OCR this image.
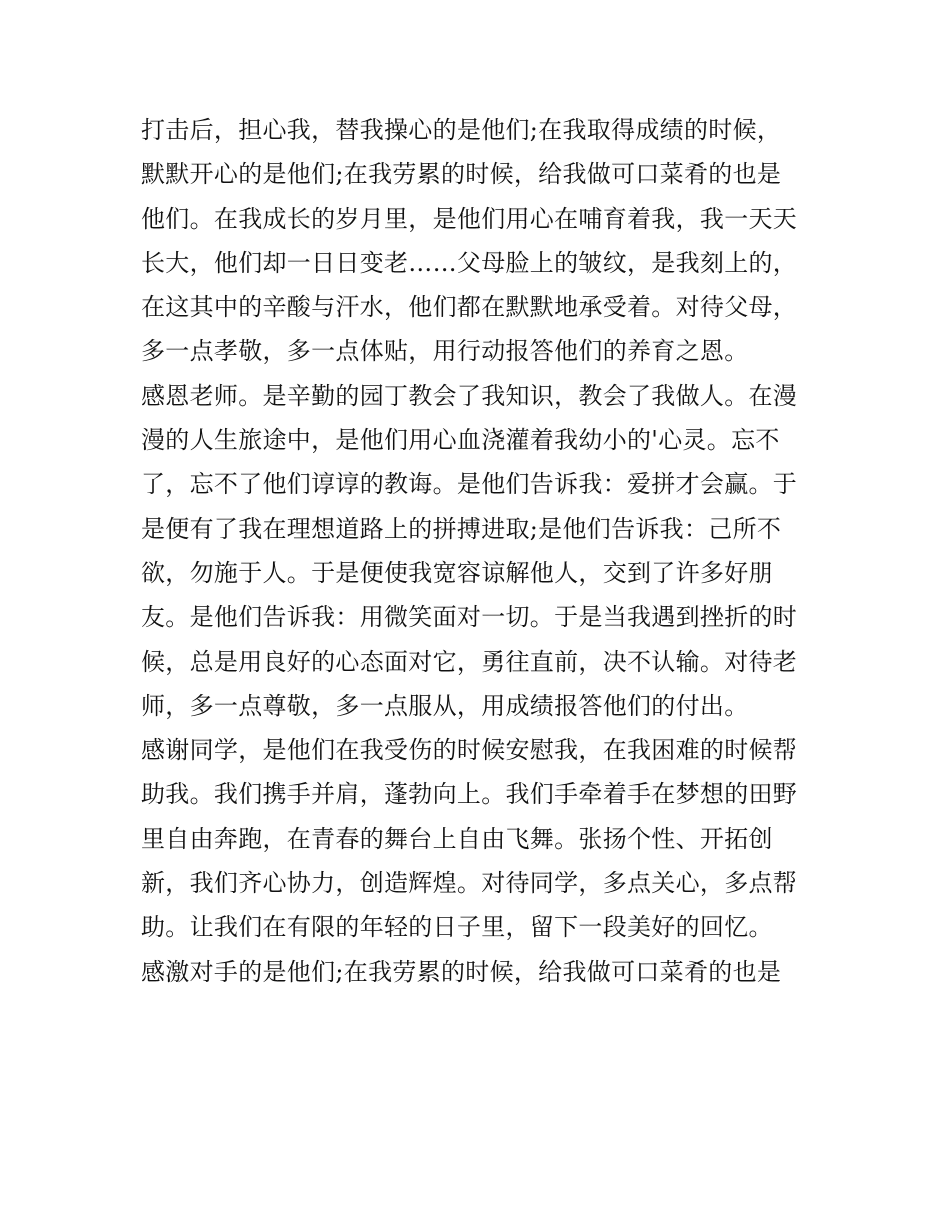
打击后，担心我，替我操心的是他们;在我取得成绩的时候，
默默开心的是他们;在我劳累的时候，给我做可口菜肴的也是
他们。在我成长的岁月里，是他们用心在哺育着我，我一天天
长大，他们却一日日变老……父母脸上的皱纹，是我刻上的，
在这其中的辛酸与汗水，他们都在默默地承受着。对待父母，
多一点孝敬，多一点体贴，用行动报答他们的养育之恩。
感恩老师。是辛勤的园丁教会了我知识，教会了我做人。在漫
漫的人生旅途中，是他们用心血浇灌着我幼小的'心灵。忘不
了，忘不了他们谆谆的教诲。是他们告诉我：爱拼才会赢。于
是便有了我在理想道路上的拼搏进取;是他们告诉我：己所不
欲，勿施于人。于是便使我宽容谅解他人，交到了许多好朋
友。是他们告诉我：用微笑面对一切。于是当我遇到挫折的时
候，总是用良好的心态面对它，勇往直前，决不认输。对待老
师，多一点尊敬，多一点服从，用成绩报答他们的付出。
感谢同学，是他们在我受伤的时候安慰我，在我困难的时候帮
助我。我们携手并肩，蓬勃向上。我们手牵着手在梦想的田野
里自由奔跑，在青春的舞台上自由飞舞。张扬个性、开拓创
新，我们齐心协力，创造辉煌。对待同学，多点关心，多点帮
助。让我们在有限的年轻的日子里，留下一段美好的回忆。
感激对手的是他们;在我劳累的时候，给我做可口菜肴的也是
